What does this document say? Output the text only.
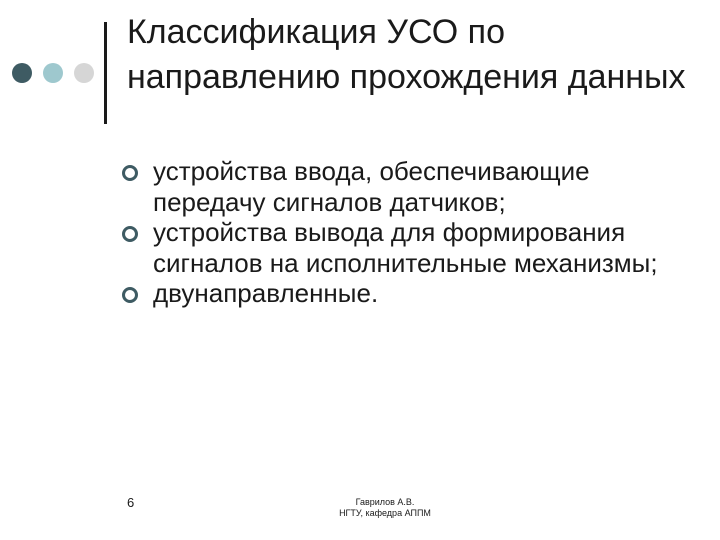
Классификация УСО по направлению прохождения данных
устройства ввода, обеспечивающие передачу сигналов датчиков;
устройства вывода для формирования сигналов на исполнительные механизмы;
двунаправленные.
6	Гаврилов А.В.
НГТУ, кафедра АППМ
